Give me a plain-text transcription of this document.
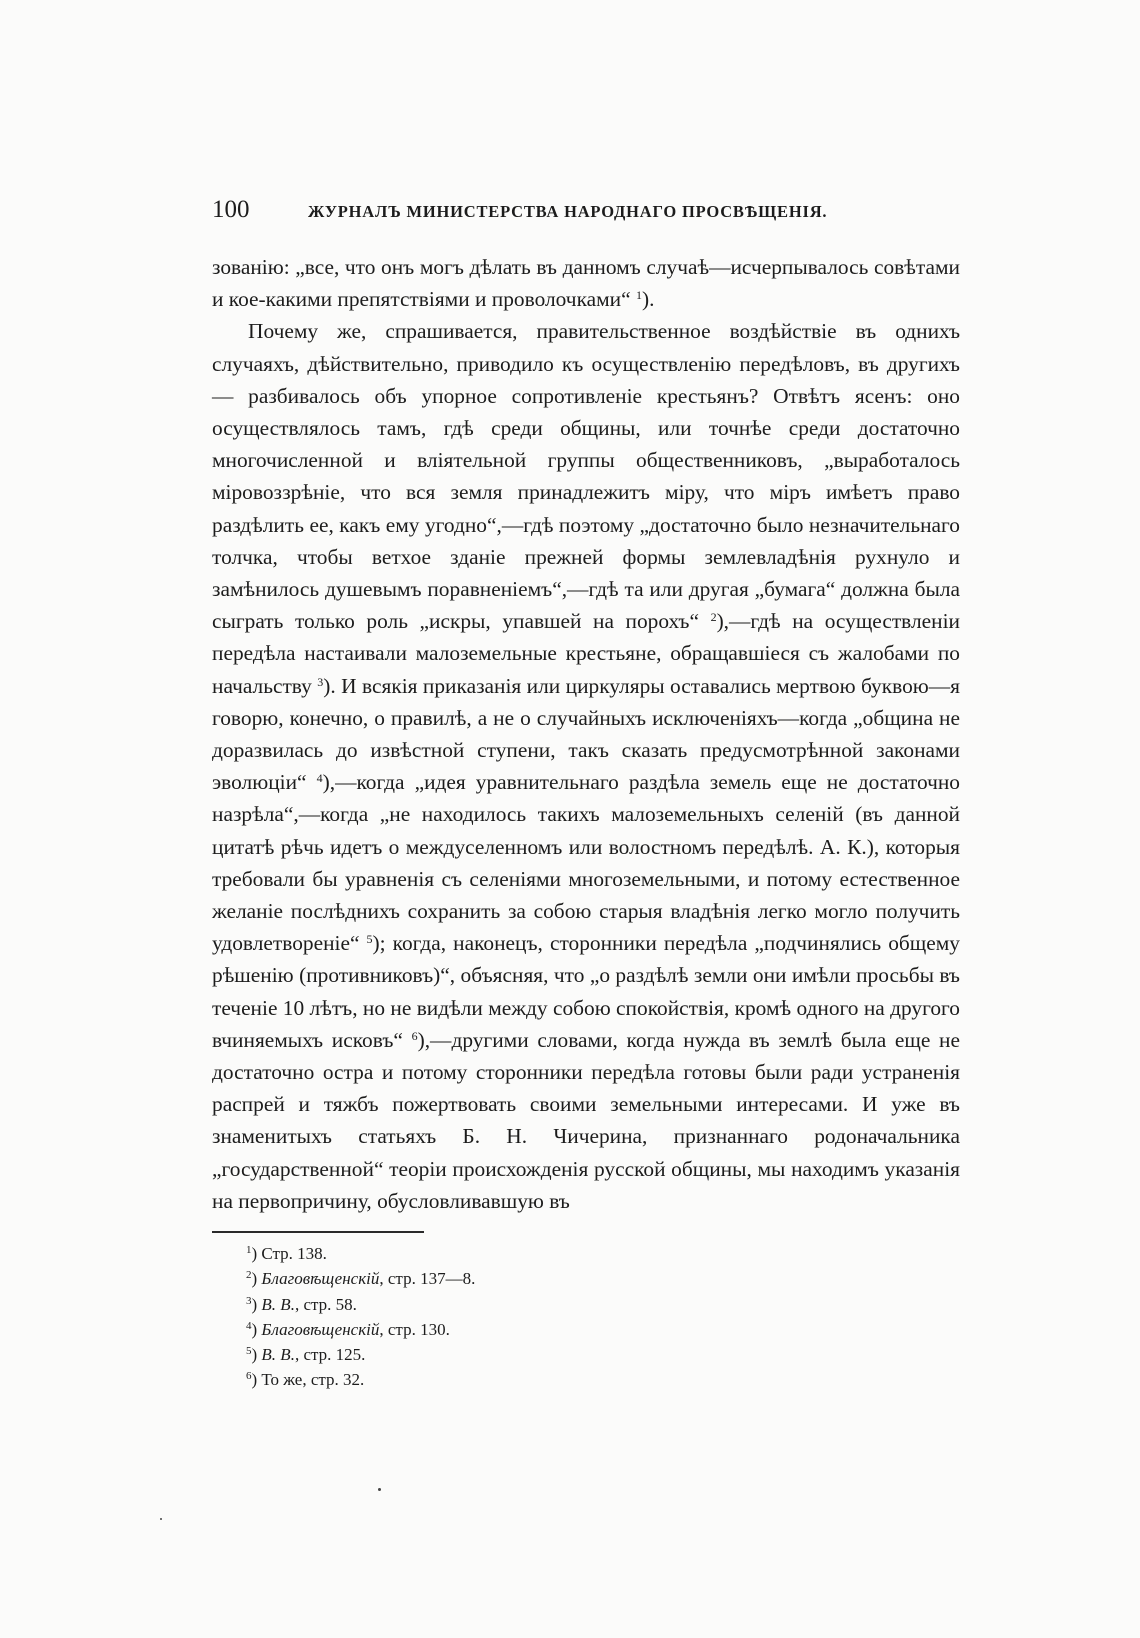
100	ЖУРНАЛЪ МИНИСТЕРСТВА НАРОДНАГО ПРОСВѢЩЕНІЯ.

зованію: „все, что онъ могъ дѣлать въ данномъ случаѣ—исчерпывалось совѣтами и кое-какими препятствіями и проволочками“ $^1$).

Почему же, спрашивается, правительственное воздѣйствіе въ однихъ случаяхъ, дѣйствительно, приводило къ осуществленію передѣловъ, въ другихъ — разбивалось объ упорное сопротивленіе крестьянъ? Отвѣтъ ясенъ: оно осуществлялось тамъ, гдѣ среди общины, или точнѣе среди достаточно многочисленной и вліятельной группы общественниковъ, „выработалось міровоззрѣніе, что вся земля принадлежитъ міру, что міръ имѣетъ право раздѣлить ее, какъ ему угодно“,—гдѣ поэтому „достаточно было незначительнаго толчка, чтобы ветхое зданіе прежней формы землевладѣнія рухнуло и замѣнилось душевымъ поравненіемъ“,—гдѣ та или другая „бумага“ должна была сыграть только роль „искры, упавшей на порохъ“ $^2$),—гдѣ на осуществленіи передѣла настаивали малоземельные крестьяне, обращавшіеся съ жалобами по начальству $^3$). И всякія приказанія или циркуляры оставались мертвою буквою—я говорю, конечно, о правилѣ, а не о случайныхъ исключеніяхъ—когда „община не доразвилась до извѣстной ступени, такъ сказать предусмотрѣнной законами эволюціи“ $^4$),—когда „идея уравнительнаго раздѣла земель еще не достаточно назрѣла“,—когда „не находилось такихъ малоземельныхъ селеній (въ данной цитатѣ рѣчь идетъ о междуселенномъ или волостномъ передѣлѣ. А. К.), которыя требовали бы уравненія съ селеніями многоземельными, и потому естественное желаніе послѣднихъ сохранить за собою старыя владѣнія легко могло получить удовлетвореніе“ $^5$); когда, наконецъ, сторонники передѣла „подчинялись общему рѣшенію (противниковъ)“, объясняя, что „о раздѣлѣ земли они имѣли просьбы въ теченіе 10 лѣтъ, но не видѣли между собою спокойствія, кромѣ одного на другого вчиняемыхъ исковъ“ $^6$),—другими словами, когда нужда въ землѣ была еще не достаточно остра и потому сторонники передѣла готовы были ради устраненія распрей и тяжбъ пожертвовать своими земельными интересами. И уже въ знаменитыхъ статьяхъ Б. Н. Чичерина, признаннаго родоначальника „государственной“ теоріи происхожденія русской общины, мы находимъ указанія на первопричину, обусловливавшую въ

$^1$) Стр. 138.
$^2$) Благовѣщенскій, стр. 137—8.
$^3$) В. В., стр. 58.
$^4$) Благовѣщенскій, стр. 130.
$^5$) В. В., стр. 125.
$^6$) То же, стр. 32.
